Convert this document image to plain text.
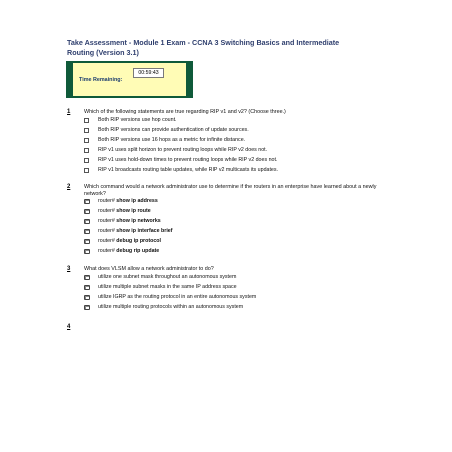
Take Assessment - Module 1 Exam - CCNA 3 Switching Basics and Intermediate
Routing (Version 3.1)
Time Remaining:
00:59:43
1	Which of the following statements are true regarding RIP v1 and v2? (Choose three.)
Both RIP versions use hop count.
Both RIP versions can provide authentication of update sources.
Both RIP versions use 16 hops as a metric for infinite distance.
RIP v1 uses split horizon to prevent routing loops while RIP v2 does not.
RIP v1 uses hold-down times to prevent routing loops while RIP v2 does not.
RIP v1 broadcasts routing table updates, while RIP v2 multicasts its updates.
2	Which command would a network administrator use to determine if the routers in an enterprise have learned about a newly
network?
router#
show ip address
router#
show ip route
router#
show ip networks
router#
show ip interface brief
router#
debug ip protocol
router#
debug rip update
3	What does VLSM allow a network administrator to do?
utilize one subnet mask throughout an autonomous system
utilize multiple subnet masks in the same IP address space
utilize IGRP as the routing protocol in an entire autonomous system
utilize multiple routing protocols within an autonomous system
4
